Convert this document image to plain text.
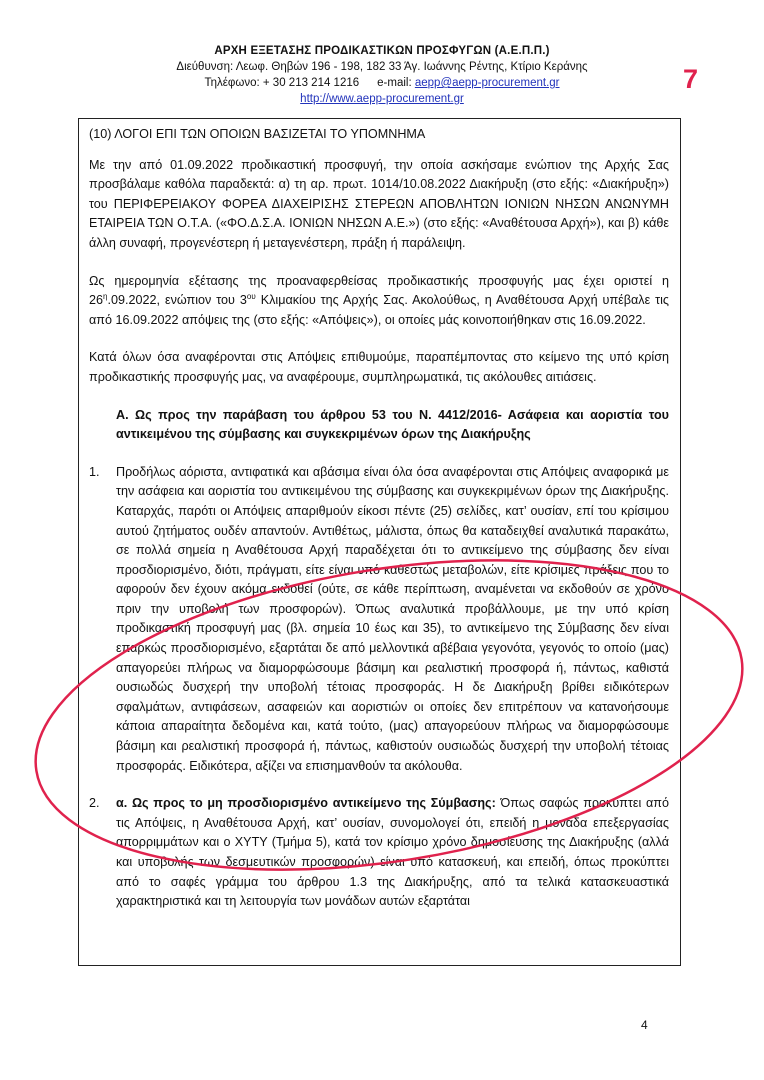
ΑΡΧΗ ΕΞΕΤΑΣΗΣ ΠΡΟΔΙΚΑΣΤΙΚΩΝ ΠΡΟΣΦΥΓΩΝ (Α.Ε.Π.Π.)
Διεύθυνση: Λεωφ. Θηβών 196 - 198, 182 33 Άγ. Ιωάννης Ρέντης, Κτίριο Κεράνης
Τηλέφωνο: + 30 213 214 1216 e-mail: aepp@aepp-procurement.gr
http://www.aepp-procurement.gr
7

(10) ΛΟΓΟΙ ΕΠΙ ΤΩΝ ΟΠΟΙΩΝ ΒΑΣΙΖΕΤΑΙ ΤΟ ΥΠΟΜΝΗΜΑ

Με την από 01.09.2022 προδικαστική προσφυγή, την οποία ασκήσαμε ενώπιον της Αρχής Σας προσβάλαμε καθόλα παραδεκτά: α) τη αρ. πρωτ. 1014/10.08.2022 Διακήρυξη (στο εξής: «Διακήρυξη») του ΠΕΡΙΦΕΡΕΙΑΚΟΥ ΦΟΡΕΑ ΔΙΑΧΕΙΡΙΣΗΣ ΣΤΕΡΕΩΝ ΑΠΟΒΛΗΤΩΝ ΙΟΝΙΩΝ ΝΗΣΩΝ ΑΝΩΝΥΜΗ ΕΤΑΙΡΕΙΑ ΤΩΝ Ο.Τ.Α. («ΦΟ.Δ.Σ.Α. ΙΟΝΙΩΝ ΝΗΣΩΝ Α.Ε.») (στο εξής: «Αναθέτουσα Αρχή»), και β) κάθε άλλη συναφή, προγενέστερη ή μεταγενέστερη, πράξη ή παράλειψη.

Ως ημερομηνία εξέτασης της προαναφερθείσας προδικαστικής προσφυγής μας έχει οριστεί η $26^\eta.09.2022$, ενώπιον του $3^{o\upsilon}$ Κλιμακίου της Αρχής Σας. Ακολούθως, η Αναθέτουσα Αρχή υπέβαλε τις από 16.09.2022 απόψεις της (στο εξής: «Απόψεις»), οι οποίες μάς κοινοποιήθηκαν στις 16.09.2022.

Κατά όλων όσα αναφέρονται στις Απόψεις επιθυμούμε, παραπέμποντας στο κείμενο της υπό κρίση προδικαστικής προσφυγής μας, να αναφέρουμε, συμπληρωματικά, τις ακόλουθες αιτιάσεις.

Α. Ως προς την παράβαση του άρθρου 53 του Ν. 4412/2016- Ασάφεια και αοριστία του αντικειμένου της σύμβασης και συγκεκριμένων όρων της Διακήρυξης

1.	Προδήλως αόριστα, αντιφατικά και αβάσιμα είναι όλα όσα αναφέρονται στις Απόψεις αναφορικά με την ασάφεια και αοριστία του αντικειμένου της σύμβασης και συγκεκριμένων όρων της Διακήρυξης. Καταρχάς, παρότι οι Απόψεις απαριθμούν είκοσι πέντε (25) σελίδες, κατ’ ουσίαν, επί του κρίσιμου αυτού ζητήματος ουδέν απαντούν. Αντιθέτως, μάλιστα, όπως θα καταδειχθεί αναλυτικά παρακάτω, σε πολλά σημεία η Αναθέτουσα Αρχή παραδέχεται ότι το αντικείμενο της σύμβασης δεν είναι προσδιορισμένο, διότι, πράγματι, είτε είναι υπό καθεστώς μεταβολών, είτε κρίσιμες πράξεις που το αφορούν δεν έχουν ακόμα εκδοθεί (ούτε, σε κάθε περίπτωση, αναμένεται να εκδοθούν σε χρόνο πριν την υποβολή των προσφορών). Όπως αναλυτικά προβάλλουμε, με την υπό κρίση προδικαστική προσφυγή μας (βλ. σημεία 10 έως και 35), το αντικείμενο της Σύμβασης δεν είναι επαρκώς προσδιορισμένο, εξαρτάται δε από μελλοντικά αβέβαια γεγονότα, γεγονός το οποίο (μας) απαγορεύει πλήρως να διαμορφώσουμε βάσιμη και ρεαλιστική προσφορά ή, πάντως, καθιστά ουσιωδώς δυσχερή την υποβολή τέτοιας προσφοράς. Η δε Διακήρυξη βρίθει ειδικότερων σφαλμάτων, αντιφάσεων, ασαφειών και αοριστιών οι οποίες δεν επιτρέπουν να κατανοήσουμε κάποια απαραίτητα δεδομένα και, κατά τούτο, (μας) απαγορεύουν πλήρως να διαμορφώσουμε βάσιμη και ρεαλιστική προσφορά ή, πάντως, καθιστούν ουσιωδώς δυσχερή την υποβολή τέτοιας προσφοράς. Ειδικότερα, αξίζει να επισημανθούν τα ακόλουθα.
2.	α. Ως προς το μη προσδιορισμένο αντικείμενο της Σύμβασης: Όπως σαφώς προκύπτει από τις Απόψεις, η Αναθέτουσα Αρχή, κατ’ ουσίαν, συνομολογεί ότι, επειδή η μονάδα επεξεργασίας απορριμμάτων και ο ΧΥΤΥ (Τμήμα 5), κατά τον κρίσιμο χρόνο δημοσίευσης της Διακήρυξης (αλλά και υποβολής των δεσμευτικών προσφορών) είναι υπό κατασκευή, και επειδή, όπως προκύπτει από το σαφές γράμμα του άρθρου 1.3 της Διακήρυξης, από τα τελικά κατασκευαστικά χαρακτηριστικά και τη λειτουργία των μονάδων αυτών εξαρτάται
4
